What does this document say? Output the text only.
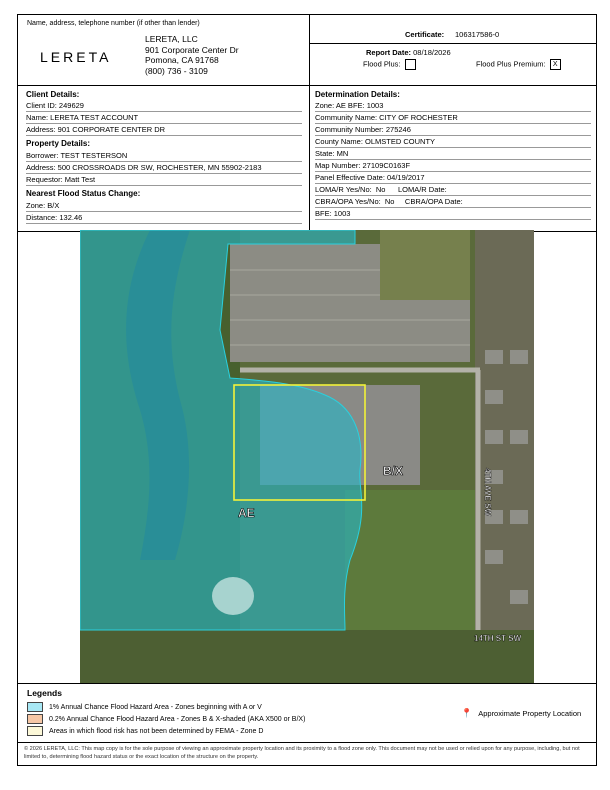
Name, address, telephone number (if other than lender)
LERETA
LERETA, LLC
901 Corporate Center Dr
Pomona, CA 91768
(800) 736 - 3109
Certificate: 106317586-0
Report Date: 08/18/2026
Flood Plus:	Flood Plus Premium: X
Client Details:
Client ID: 249629
Name: LERETA TEST ACCOUNT
Address: 901 CORPORATE CENTER DR
Property Details:
Borrower: TEST TESTERSON
Address: 500 CROSSROADS DR SW, ROCHESTER, MN 55902-2183
Requestor: Matt Test
Nearest Flood Status Change:
Zone: B/X
Distance: 132.46
Determination Details:
Zone: AE BFE: 1003
Community Name: CITY OF ROCHESTER
Community Number: 275246
County Name: OLMSTED COUNTY
State: MN
Map Number: 27109C0163F
Panel Effective Date: 04/19/2017
LOMA/R Yes/No:  No      LOMA/R Date:
CBRA/OPA Yes/No:  No     CBRA/OPA Date:
BFE: 1003
AE
B/X	4TH AVE SW
14TH ST SW
Legends
1% Annual Chance Flood Hazard Area - Zones beginning with A or V
0.2% Annual Chance Flood Hazard Area - Zones B & X-shaded (AKA X500 or B/X)
Areas in which flood risk has not been determined by FEMA - Zone D
📍 Approximate Property Location
© 2026 LERETA, LLC: This map copy is for the sole purpose of viewing an approximate property location and its proximity to a flood zone only. This document may not be used or relied upon for any purpose, including, but not limited to, determining flood hazard status or the exact location of the structure on the property.
